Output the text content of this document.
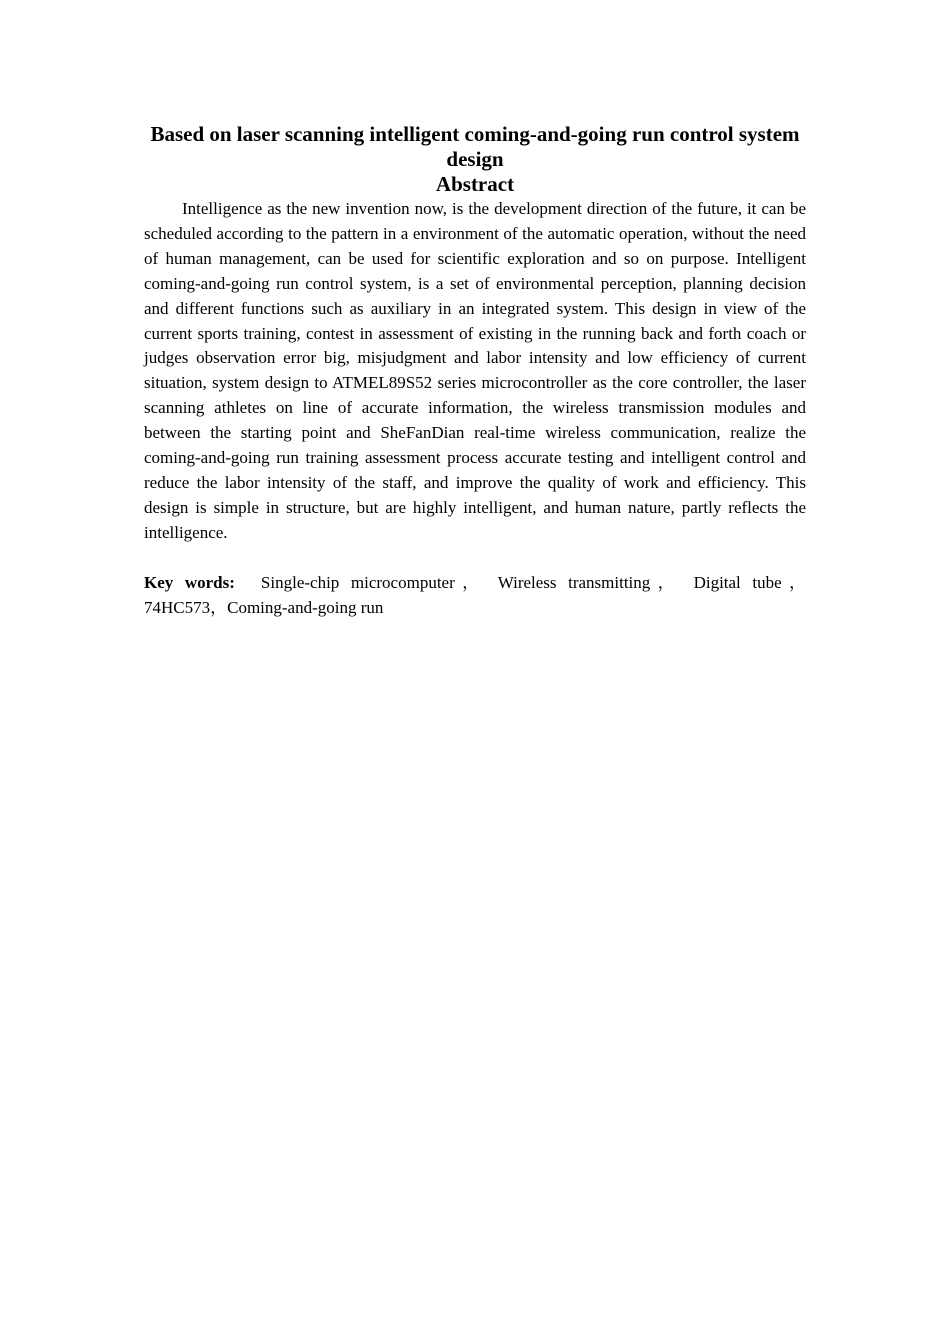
Based on laser scanning intelligent coming-and-going run control system design
Abstract

Intelligence as the new invention now, is the development direction of the future, it can be scheduled according to the pattern in a environment of the automatic operation, without the need of human management, can be used for scientific exploration and so on purpose. Intelligent coming-and-going run control system, is a set of environmental perception, planning decision and different functions such as auxiliary in an integrated system. This design in view of the current sports training, contest in assessment of existing in the running back and forth coach or judges observation error big, misjudgment and labor intensity and low efficiency of current situation, system design to ATMEL89S52 series microcontroller as the core controller, the laser scanning athletes on line of accurate information, the wireless transmission modules and between the starting point and SheFanDian real-time wireless communication, realize the coming-and-going run training assessment process accurate testing and intelligent control and reduce the labor intensity of the staff, and improve the quality of work and efficiency. This design is simple in structure, but are highly intelligent, and human nature, partly reflects the intelligence.

Key words: Single-chip microcomputer， Wireless transmitting， Digital tube，74HC573，Coming-and-going run
